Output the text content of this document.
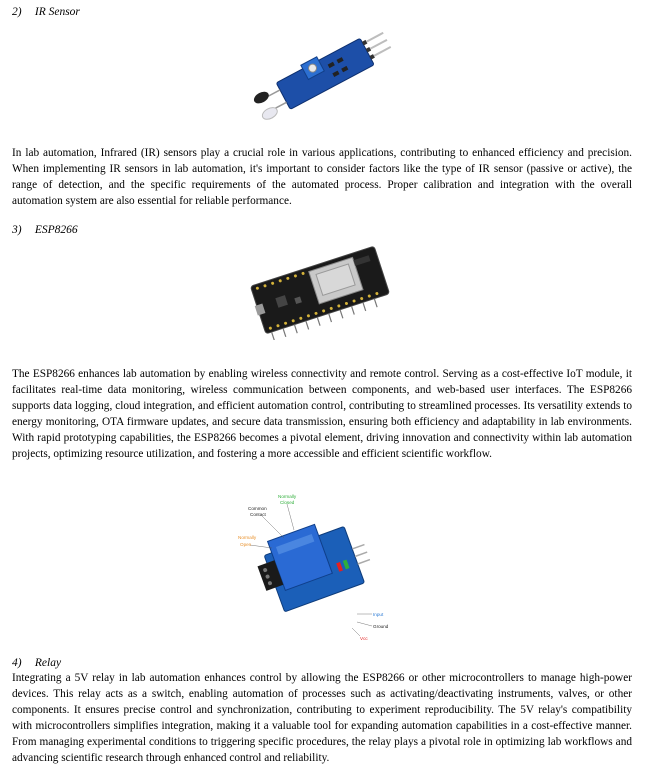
2) IR Sensor

In lab automation, Infrared (IR) sensors play a crucial role in various applications, contributing to enhanced efficiency and precision. When implementing IR sensors in lab automation, it's important to consider factors like the type of IR sensor (passive or active), the range of detection, and the specific requirements of the automated process. Proper calibration and integration with the overall automation system are also essential for reliable performance.

3) ESP8266

The ESP8266 enhances lab automation by enabling wireless connectivity and remote control. Serving as a cost-effective IoT module, it facilitates real-time data monitoring, wireless communication between components, and web-based user interfaces. The ESP8266 supports data logging, cloud integration, and efficient automation control, contributing to streamlined processes. Its versatility extends to energy monitoring, OTA firmware updates, and secure data transmission, ensuring both efficiency and adaptability in lab environments. With rapid prototyping capabilities, the ESP8266 becomes a pivotal element, driving innovation and connectivity within lab automation projects, optimizing resource utilization, and fostering a more accessible and efficient scientific workflow.

Normally
Closed
Common
Contact
Normally
Open
Input
Ground
Vcc
4) Relay

Integrating a 5V relay in lab automation enhances control by allowing the ESP8266 or other microcontrollers to manage high-power devices. This relay acts as a switch, enabling automation of processes such as activating/deactivating instruments, valves, or other components. It ensures precise control and synchronization, contributing to experiment reproducibility. The 5V relay's compatibility with microcontrollers simplifies integration, making it a valuable tool for expanding automation capabilities in a cost-effective manner. From managing experimental conditions to triggering specific procedures, the relay plays a pivotal role in optimizing lab workflows and advancing scientific research through enhanced control and reliability.
